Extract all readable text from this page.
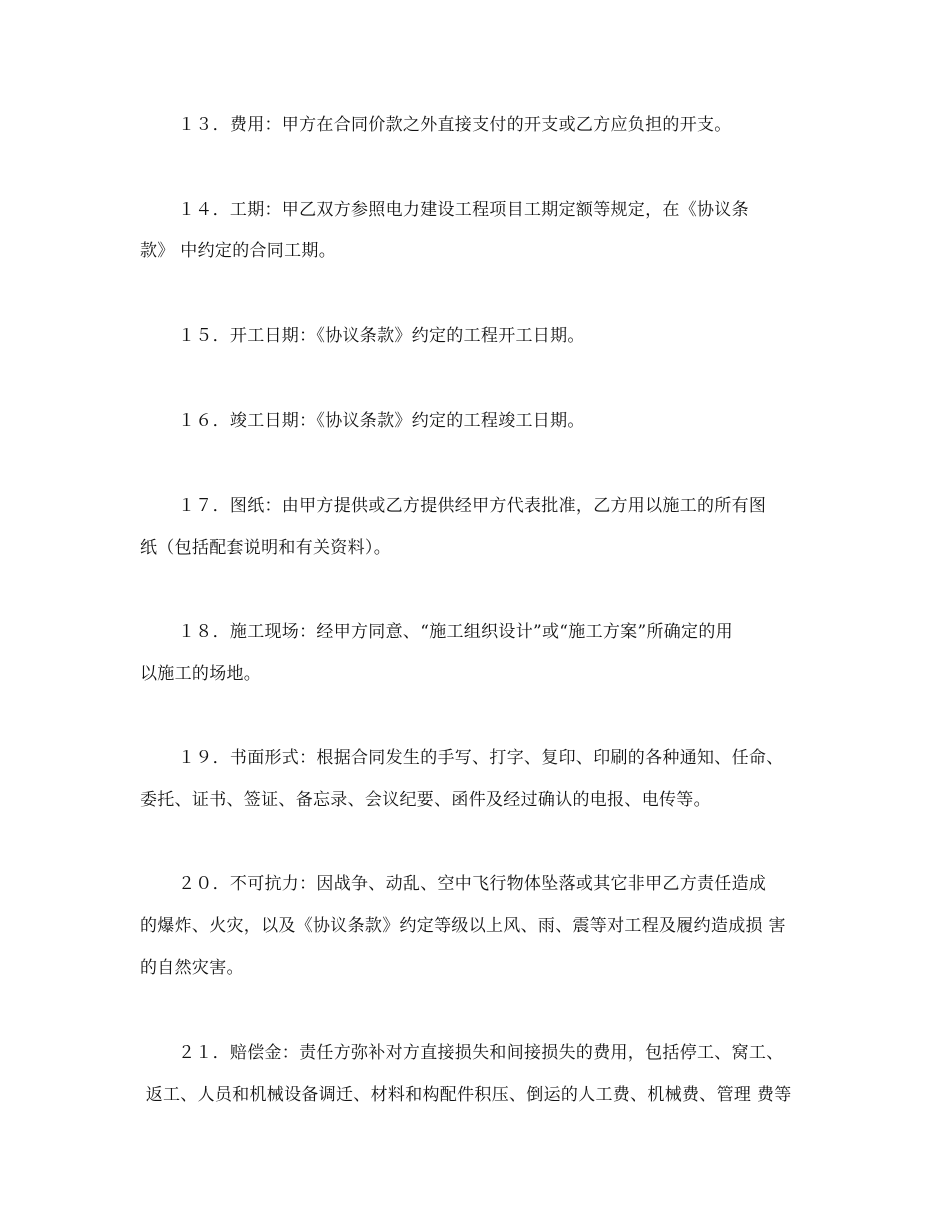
１３．费用：甲方在合同价款之外直接支付的开支或乙方应负担的开支。
１４．工期：甲乙双方参照电力建设工程项目工期定额等规定，在《协议条
款》 中约定的合同工期。
１５．开工日期：《协议条款》约定的工程开工日期。
１６．竣工日期：《协议条款》约定的工程竣工日期。
１７．图纸：由甲方提供或乙方提供经甲方代表批准，乙方用以施工的所有图
纸（包括配套说明和有关资料）。
１８．施工现场：经甲方同意、“施工组织设计”或“施工方案”所确定的用
以施工的场地。
１９．书面形式：根据合同发生的手写、打字、复印、印刷的各种通知、任命、
委托、证书、签证、备忘录、会议纪要、函件及经过确认的电报、电传等。
２０．不可抗力：因战争、动乱、空中飞行物体坠落或其它非甲乙方责任造成
的爆炸、火灾，以及《协议条款》约定等级以上风、雨、震等对工程及履约造成损 害
的自然灾害。
２１．赔偿金：责任方弥补对方直接损失和间接损失的费用，包括停工、窝工、
返工、人员和机械设备调迁、材料和构配件积压、倒运的人工费、机械费、管理 费等
